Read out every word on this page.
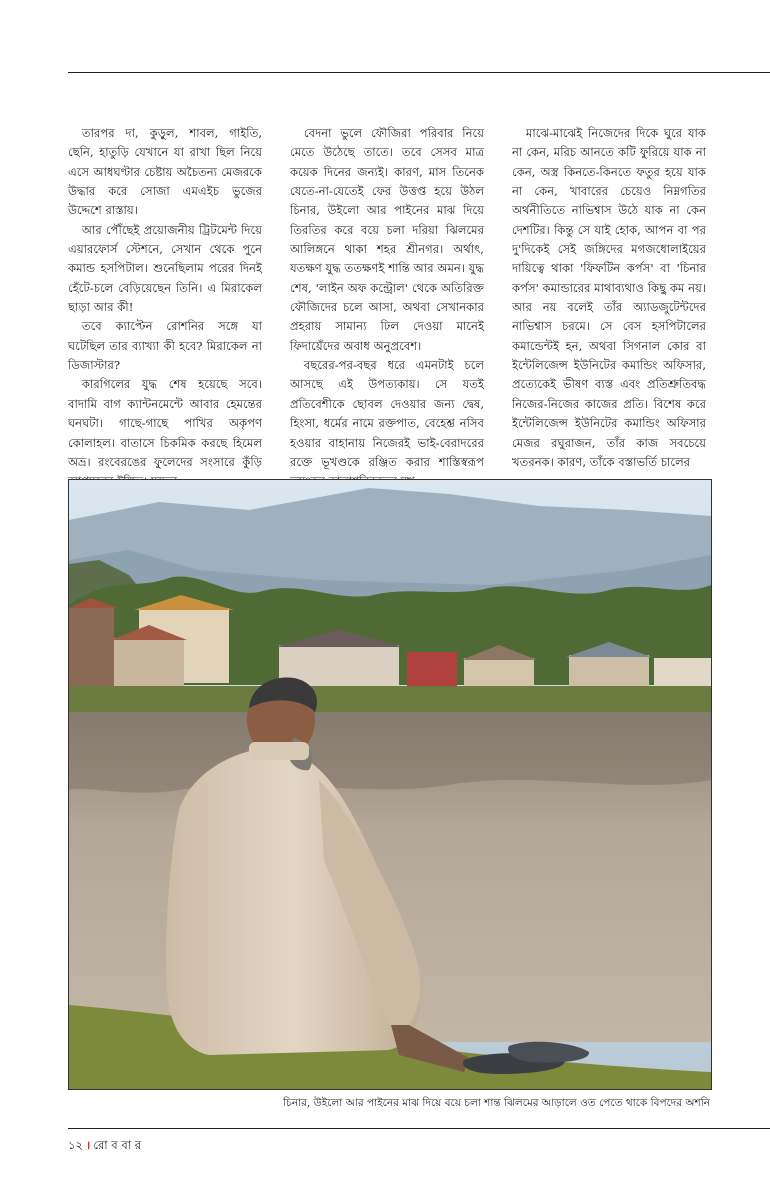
তারপর দা, কুড়ুল, শাবল, গাইতি, ছেনি, হাতুড়ি যেখানে যা রাখা ছিল নিয়ে এসে আধঘণ্টার চেষ্টায় অচৈতন্য মেজরকে উদ্ধার করে সোজা এমএইচ ভুজের উদ্দেশে রাস্তায়।

আর পৌঁছেই প্রয়োজনীয় ট্রিটমেন্ট দিয়ে এয়ারফোর্স স্টেশনে, সেখান থেকে পুনে কমান্ড হসপিটাল। শুনেছিলাম পরের দিনই হেঁটে-চলে বেড়িয়েছেন তিনি। এ মিরাকেল ছাড়া আর কী!

তবে ক্যাপ্টেন রোশনির সঙ্গে যা ঘটেছিল তার ব্যাখ্যা কী হবে? মিরাকেল না ডিজাস্টার?

কারগিলের যুদ্ধ শেষ হয়েছে সবে। বাদামি বাগ ক্যান্টনমেন্টে আবার হেমন্তের ঘনঘটা। গাছে-গাছে পাখির অকৃপণ কোলাহল। বাতাসে চিকমিক করছে হিমেল অভ্র। রংবেরঙের ফুলেদের সংসারে কুঁড়ি

বেদনা ভুলে ফৌজিরা পরিবার নিয়ে মেতে উঠেছে তাতে। তবে সেসব মাত্র কয়েক দিনের জন্যই। কারণ, মাস তিনেক যেতে-না-যেতেই ফের উত্তপ্ত হয়ে উঠল চিনার, উইলো আর পাইনের মাঝ দিয়ে তিরতির করে বয়ে চলা দরিয়া ঝিলমের আলিঙ্গনে থাকা শহর শ্রীনগর। অর্থাৎ, যতক্ষণ যুদ্ধ ততক্ষণই শান্তি আর অমন। যুদ্ধ শেষ, 'লাইন অফ কন্ট্রোল' থেকে অতিরিক্ত ফৌজিদের চলে আসা, অথবা সেখানকার প্রহরায় সামান্য ঢিল দেওয়া মানেই ফিদায়েঁদের অবাধ অনুপ্রবেশ।

বছরের-পর-বছর ধরে এমনটাই চলে আসছে এই উপত্যকায়। সে যতই প্রতিবেশীকে ছোবল দেওয়ার জন্য দ্বেষ, হিংসা, ধর্মের নামে রক্তপাত, বেহেশ্ত নসিব হওয়ার বাহানায় নিজেরই ভাই-বেরাদরের রক্তে ভূখণ্ডকে রঞ্জিত করার শাস্তিস্বরূপ

মাঝে-মাঝেই নিজেদের দিকে ঘুরে যাক না কেন, মরিচ আনতে কটি ফুরিয়ে যাক না কেন, অস্ত্র কিনতে-কিনতে ফতুর হয়ে যাক না কেন, খাবারের চেয়েও নিম্নগতির অর্থনীতিতে নাভিশ্বাস উঠে যাক না কেন দেশটির। কিন্তু সে যাই হোক, আপন বা পর দু'দিকেই সেই জঙ্গিদের মগজধোলাইয়ের দায়িত্বে থাকা 'ফিফটিন কর্পস' বা 'চিনার কর্পস' কমান্ডারের মাথাব্যথাও কিছু কম নয়। আর নয় বলেই তাঁর অ্যাডজুটেন্টদের নাভিশ্বাস চরমে। সে বেস হসপিটালের কমান্ডেন্টই হন, অথবা সিগনাল কোর বা ইন্টেলিজেন্স ইউনিটের কমান্ডিং অফিসার, প্রত্যেকেই ভীষণ ব্যস্ত এবং প্রতিশ্রুতিবদ্ধ নিজের-নিজের কাজের প্রতি। বিশেষ করে ইন্টেলিজেন্স ইউনিটের কমান্ডিং অফিসার মেজর রঘুরাজন, তাঁর কাজ সবচেয়ে খতরনক। কারণ, তাঁকে বস্তাভর্তি চালের

চিনার, উইলো আর পাইনের মাঝ দিয়ে বয়ে চলা শান্ত ঝিলমের আড়ালে ওত পেতে থাকে বিপদের অশনি
১২ । রো ব বা র
